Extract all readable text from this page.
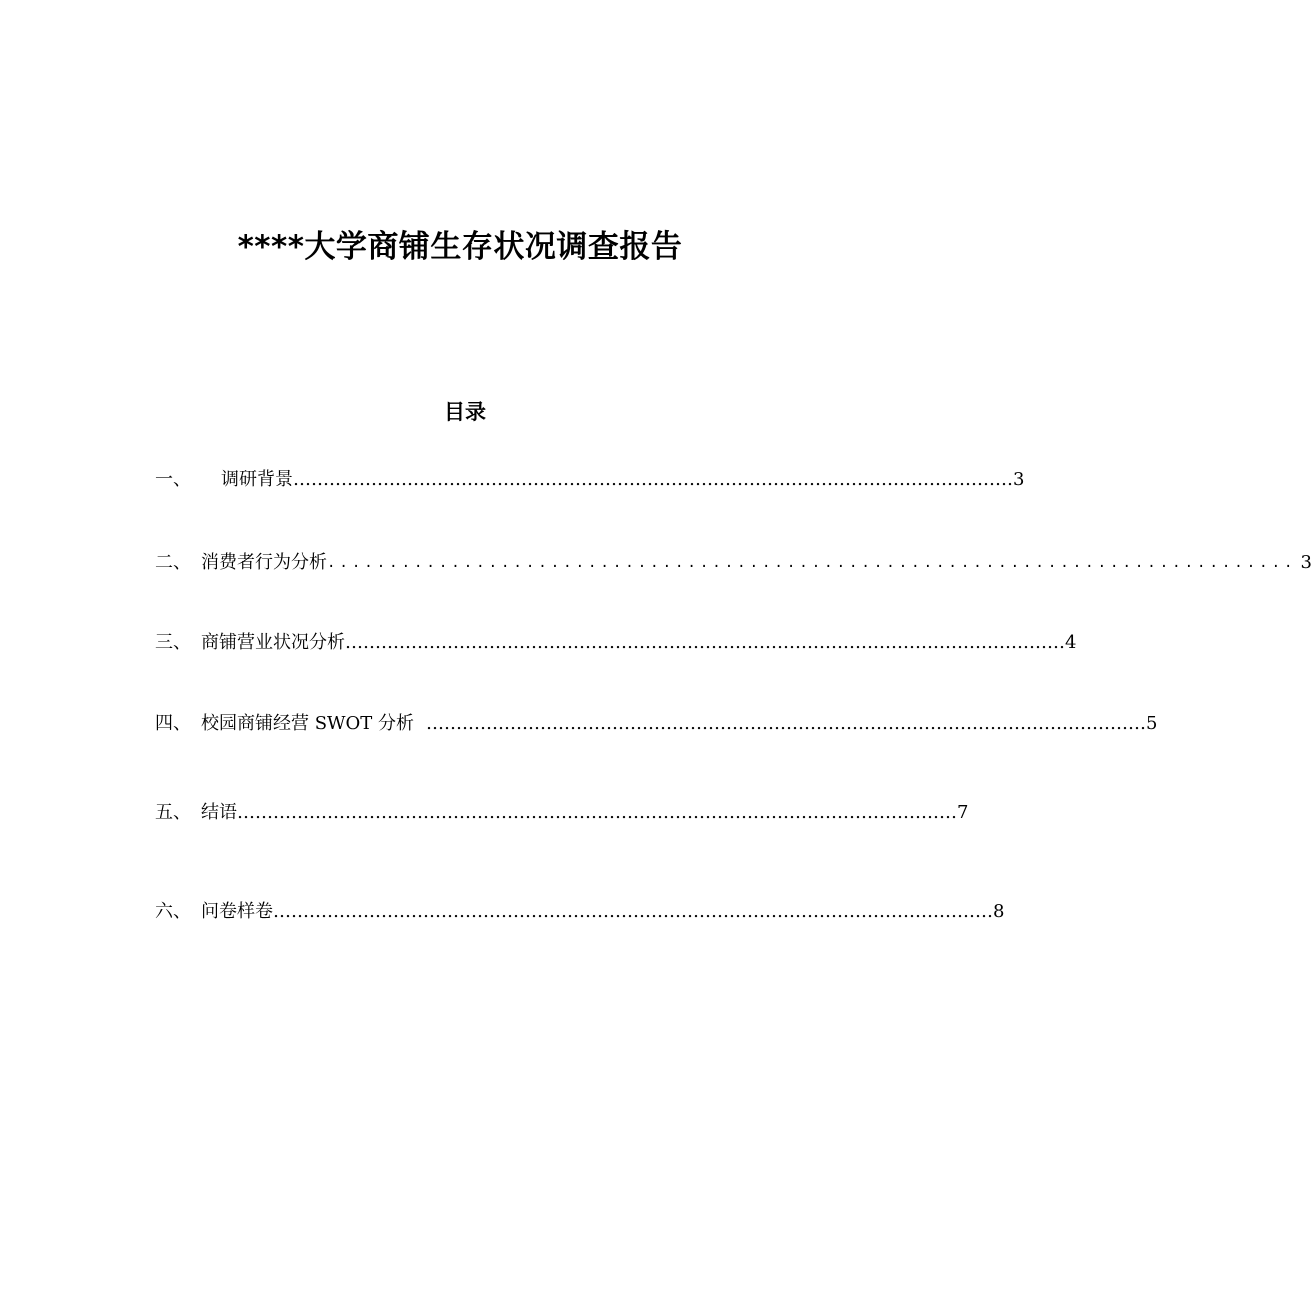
****大学商铺生存状况调查报告
目录
一、 调研背景 ………………………………………………………………………………………………………… 3
二、 消费者行为分析 .............................................................................. 3
三、 商铺营业状况分析 ………………………………………………………………………………………………………… 4
四、 校园商铺经营 SWOT 分析 ………………………………………………………………………………………………………… 5
五、 结语 ………………………………………………………………………………………………………… 7
六、 问卷样卷 ………………………………………………………………………………………………………… 8
